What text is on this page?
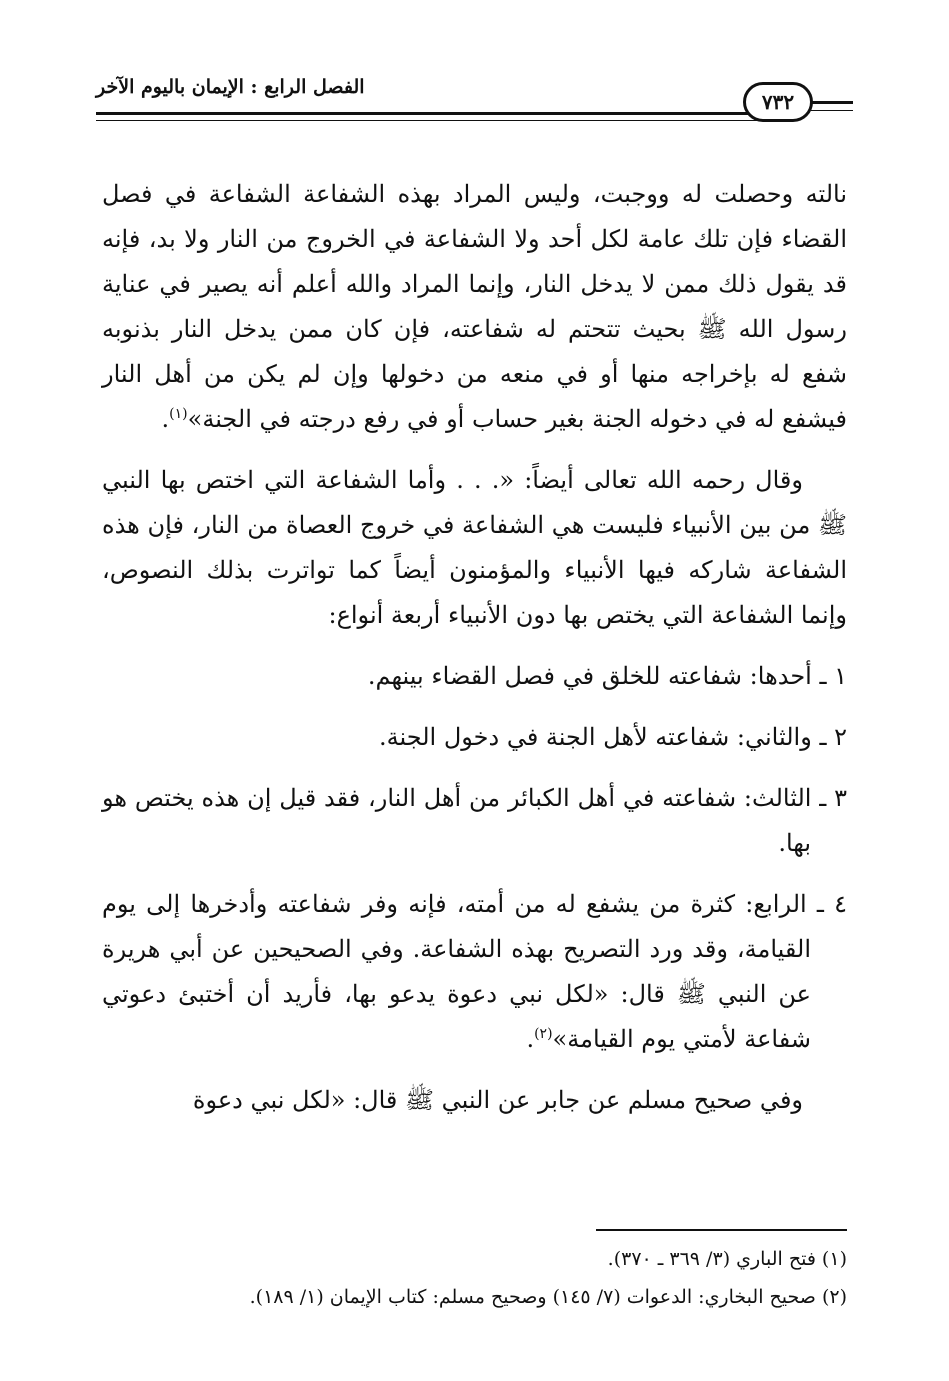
الفصل الرابع : الإيمان باليوم الآخر
٧٣٢

نالته وحصلت له ووجبت، وليس المراد بهذه الشفاعة الشفاعة في فصل القضاء فإن تلك عامة لكل أحد ولا الشفاعة في الخروج من النار ولا بد، فإنه قد يقول ذلك ممن لا يدخل النار، وإنما المراد والله أعلم أنه يصير في عناية رسول الله ﷺ بحيث تتحتم له شفاعته، فإن كان ممن يدخل النار بذنوبه شفع له بإخراجه منها أو في منعه من دخولها وإن لم يكن من أهل النار فيشفع له في دخوله الجنة بغير حساب أو في رفع درجته في الجنة»$^{(١)}$.

وقال رحمه الله تعالى أيضاً: «. . . وأما الشفاعة التي اختص بها النبي ﷺ من بين الأنبياء فليست هي الشفاعة في خروج العصاة من النار، فإن هذه الشفاعة شاركه فيها الأنبياء والمؤمنون أيضاً كما تواترت بذلك النصوص، وإنما الشفاعة التي يختص بها دون الأنبياء أربعة أنواع:

١ ـ أحدها: شفاعته للخلق في فصل القضاء بينهم.

٢ ـ والثاني: شفاعته لأهل الجنة في دخول الجنة.

٣ ـ الثالث: شفاعته في أهل الكبائر من أهل النار، فقد قيل إن هذه يختص هو بها.

٤ ـ الرابع: كثرة من يشفع له من أمته، فإنه وفر شفاعته وأدخرها إلى يوم القيامة، وقد ورد التصريح بهذه الشفاعة. وفي الصحيحين عن أبي هريرة عن النبي ﷺ قال: «لكل نبي دعوة يدعو بها، فأريد أن أختبئ دعوتي شفاعة لأمتي يوم القيامة»$^{(٢)}$.

وفي صحيح مسلم عن جابر عن النبي ﷺ قال: «لكل نبي دعوة

(١) فتح الباري (٣/ ٣٦٩ ـ ٣٧٠).
(٢) صحيح البخاري: الدعوات (٧/ ١٤٥) وصحيح مسلم: كتاب الإيمان (١/ ١٨٩).
